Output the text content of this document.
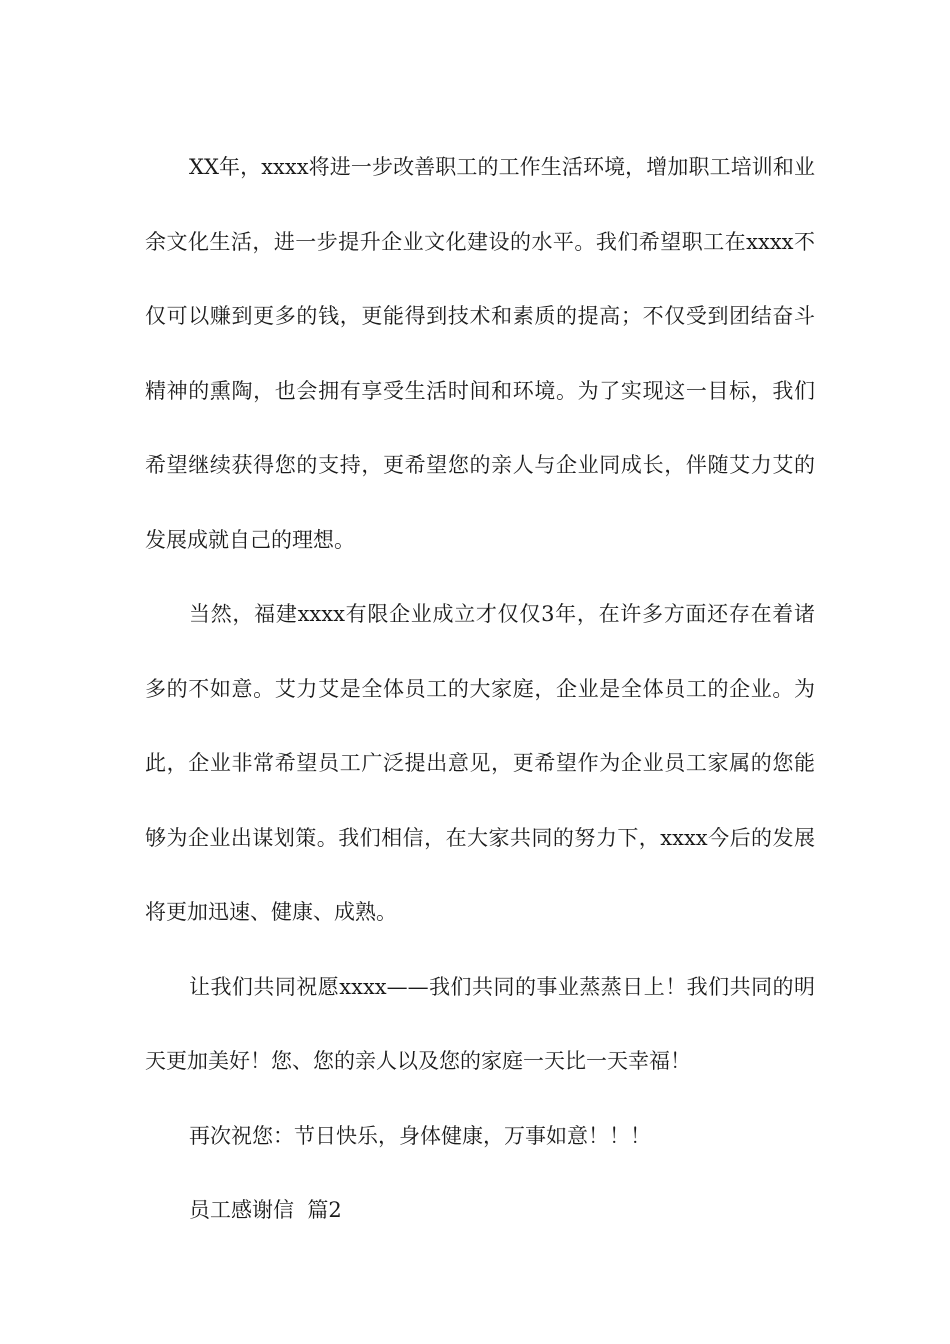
XX年，xxxx将进一步改善职工的工作生活环境，增加职工培训和业余文化生活，进一步提升企业文化建设的水平。我们希望职工在xxxx不仅可以赚到更多的钱，更能得到技术和素质的提高；不仅受到团结奋斗精神的熏陶，也会拥有享受生活时间和环境。为了实现这一目标，我们希望继续获得您的支持，更希望您的亲人与企业同成长，伴随艾力艾的发展成就自己的理想。

当然，福建xxxx有限企业成立才仅仅3年，在许多方面还存在着诸多的不如意。艾力艾是全体员工的大家庭，企业是全体员工的企业。为此，企业非常希望员工广泛提出意见，更希望作为企业员工家属的您能够为企业出谋划策。我们相信，在大家共同的努力下，xxxx今后的发展将更加迅速、健康、成熟。

让我们共同祝愿xxxx——我们共同的事业蒸蒸日上！我们共同的明天更加美好！您、您的亲人以及您的家庭一天比一天幸福！

再次祝您：节日快乐，身体健康，万事如意！！！

员工感谢信  篇2
